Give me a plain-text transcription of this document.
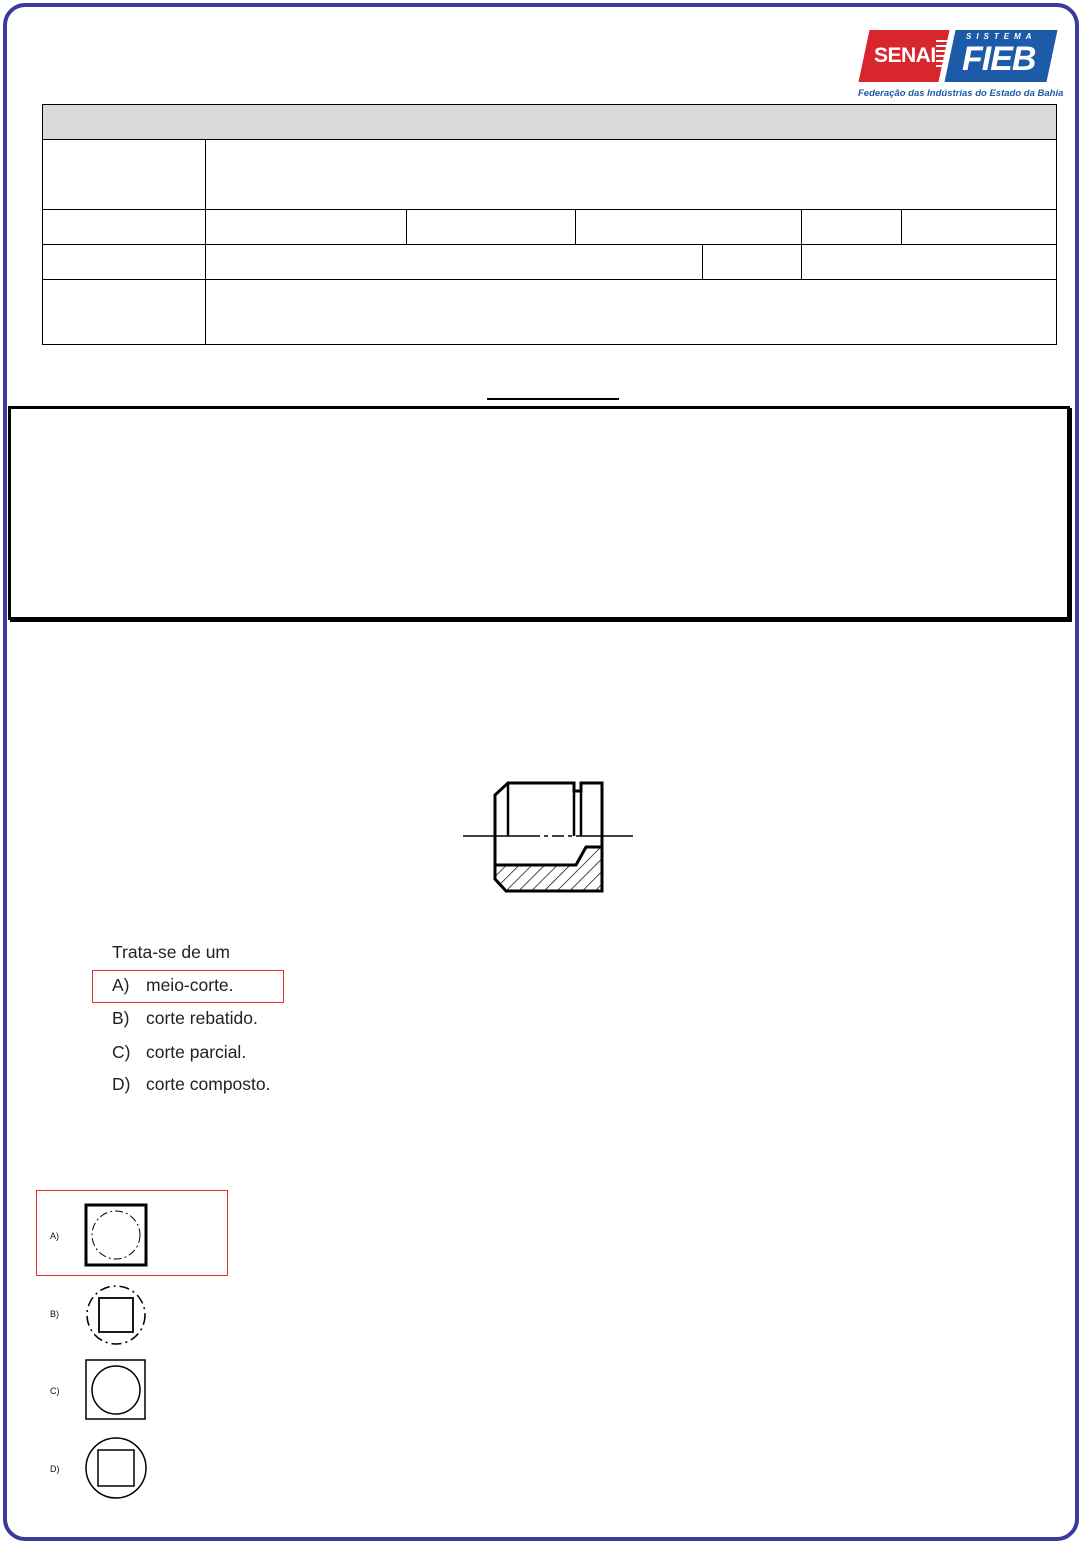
SENAI
SISTEMA
FIEB
Federação das Indústrias do Estado da Bahia
Trata-se de um
A) meio-corte.
B) corte rebatido.
C) corte parcial.
D) corte composto.
A)
B)
C)
D)
